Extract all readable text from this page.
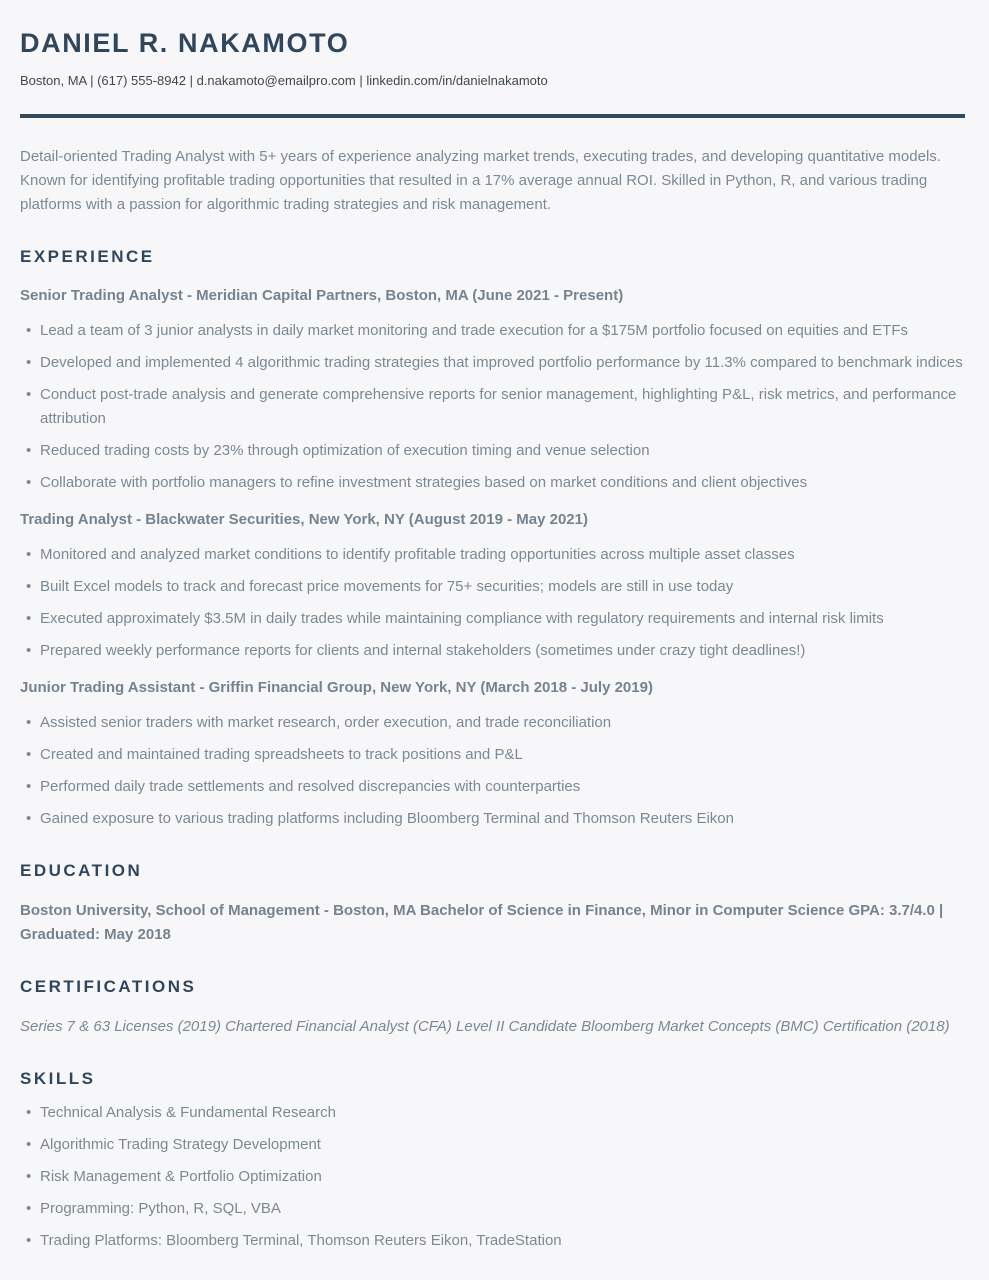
DANIEL R. NAKAMOTO
Boston, MA | (617) 555-8942 | d.nakamoto@emailpro.com | linkedin.com/in/danielnakamoto

Detail-oriented Trading Analyst with 5+ years of experience analyzing market trends, executing trades, and developing quantitative models. Known for identifying profitable trading opportunities that resulted in a 17% average annual ROI. Skilled in Python, R, and various trading platforms with a passion for algorithmic trading strategies and risk management.

EXPERIENCE
Senior Trading Analyst - Meridian Capital Partners, Boston, MA (June 2021 - Present)
• Lead a team of 3 junior analysts in daily market monitoring and trade execution for a $175M portfolio focused on equities and ETFs
• Developed and implemented 4 algorithmic trading strategies that improved portfolio performance by 11.3% compared to benchmark indices
• Conduct post-trade analysis and generate comprehensive reports for senior management, highlighting P&L, risk metrics, and performance attribution
• Reduced trading costs by 23% through optimization of execution timing and venue selection
• Collaborate with portfolio managers to refine investment strategies based on market conditions and client objectives
Trading Analyst - Blackwater Securities, New York, NY (August 2019 - May 2021)
• Monitored and analyzed market conditions to identify profitable trading opportunities across multiple asset classes
• Built Excel models to track and forecast price movements for 75+ securities; models are still in use today
• Executed approximately $3.5M in daily trades while maintaining compliance with regulatory requirements and internal risk limits
• Prepared weekly performance reports for clients and internal stakeholders (sometimes under crazy tight deadlines!)
Junior Trading Assistant - Griffin Financial Group, New York, NY (March 2018 - July 2019)
• Assisted senior traders with market research, order execution, and trade reconciliation
• Created and maintained trading spreadsheets to track positions and P&L
• Performed daily trade settlements and resolved discrepancies with counterparties
• Gained exposure to various trading platforms including Bloomberg Terminal and Thomson Reuters Eikon
EDUCATION

Boston University, School of Management - Boston, MA Bachelor of Science in Finance, Minor in Computer Science GPA: 3.7/4.0 | Graduated: May 2018

CERTIFICATIONS

Series 7 & 63 Licenses (2019) Chartered Financial Analyst (CFA) Level II Candidate Bloomberg Market Concepts (BMC) Certification (2018)

SKILLS
• Technical Analysis & Fundamental Research
• Algorithmic Trading Strategy Development
• Risk Management & Portfolio Optimization
• Programming: Python, R, SQL, VBA
• Trading Platforms: Bloomberg Terminal, Thomson Reuters Eikon, TradeStation
